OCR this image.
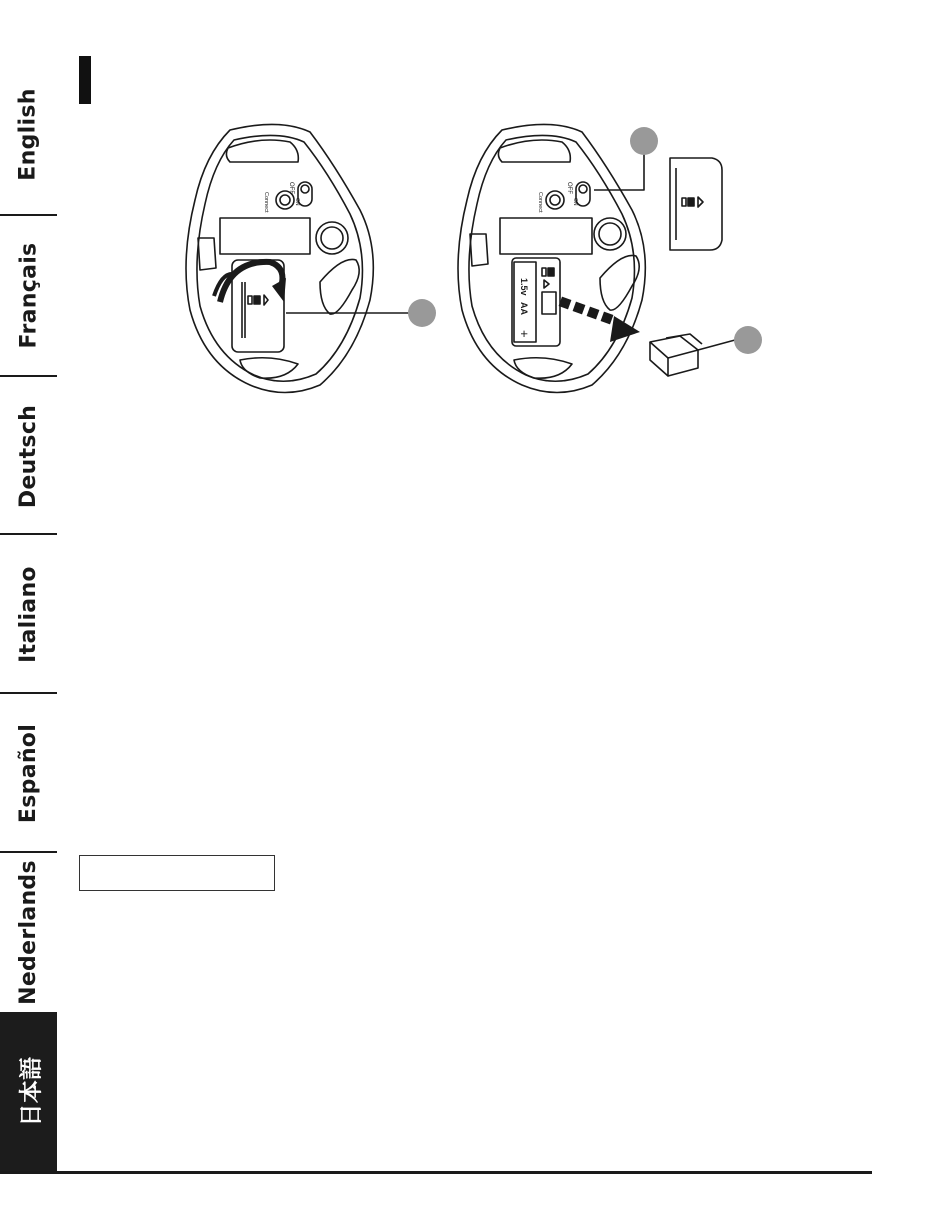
English
Français
Deutsch
Italiano
Español
Nederlands
日本語
OFF
ON
Connect
OFF
ON
Connect
1.5v
AA
+
